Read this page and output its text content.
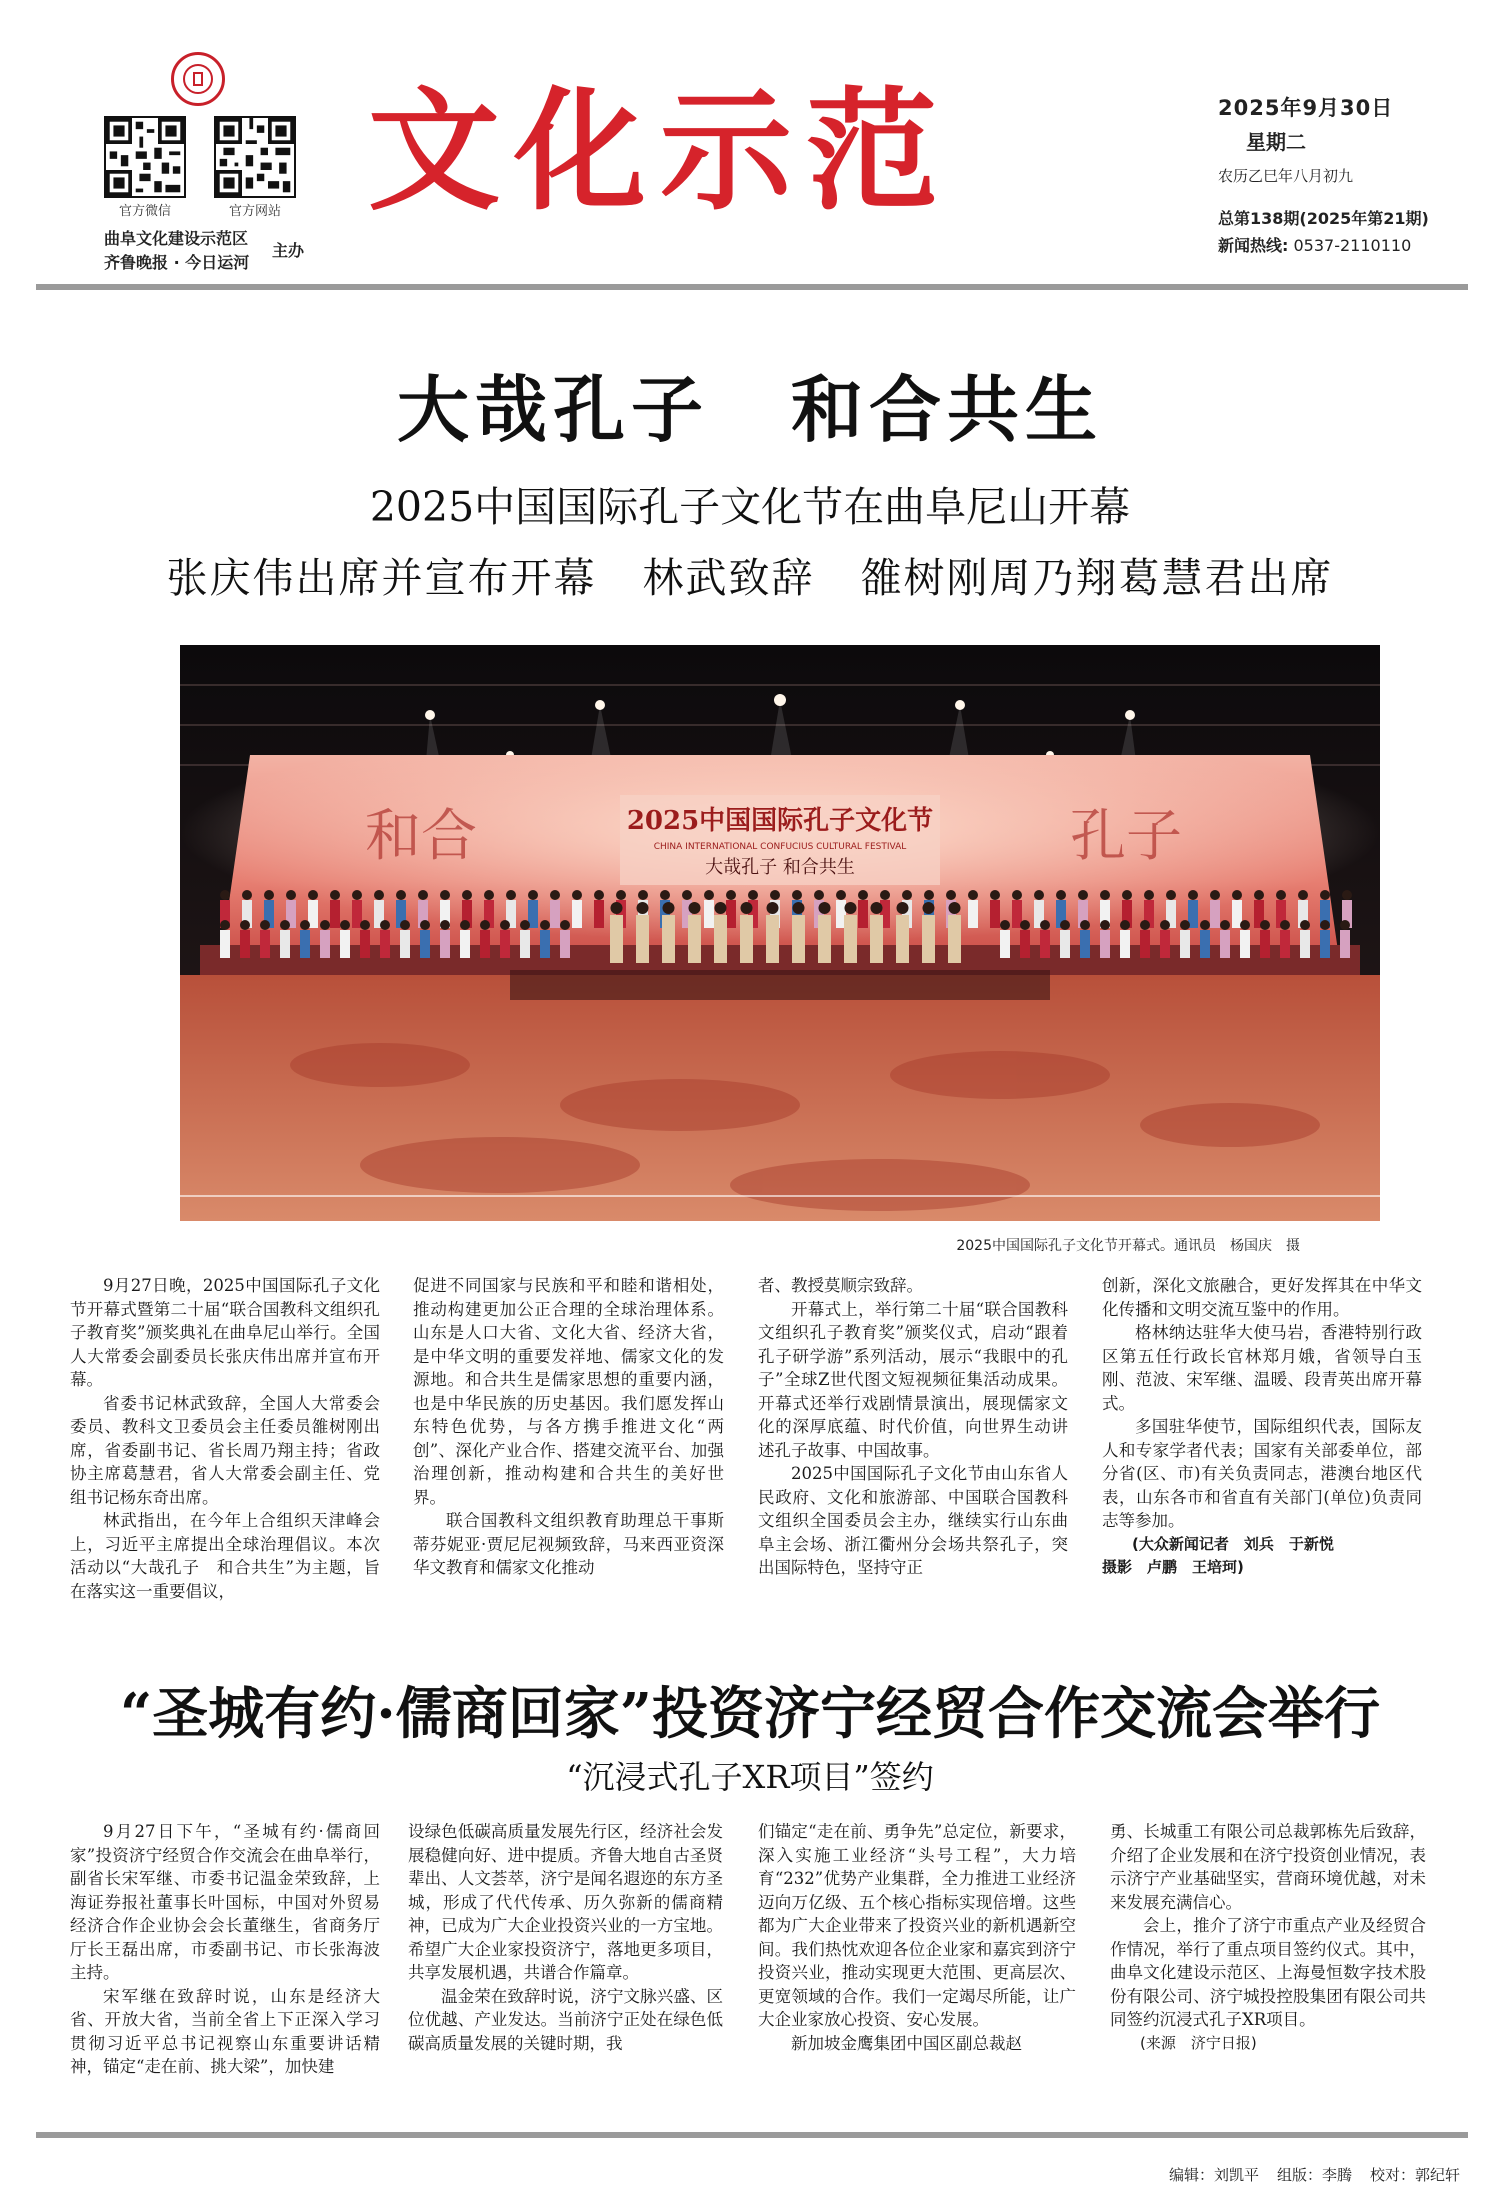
官方微信	官方网站
曲阜文化建设示范区
齐鲁晚报 · 今日运河
主办
文化示范	2025年9月30日
星期二
农历乙巳年八月初九
总第138期(2025年第21期)
新闻热线: 0537-2110110
大哉孔子 和合共生
2025中国国际孔子文化节在曲阜尼山开幕
张庆伟出席并宣布开幕 林武致辞 雒树刚周乃翔葛慧君出席
和合	孔子
2025中国国际孔子文化节
CHINA INTERNATIONAL CONFUCIUS CULTURAL FESTIVAL
大哉孔子 和合共生
2025中国国际孔子文化节开幕式。通讯员　杨国庆　摄

9月27日晚，2025中国国际孔子文化节开幕式暨第二十届“联合国教科文组织孔子教育奖”颁奖典礼在曲阜尼山举行。全国人大常委会副委员长张庆伟出席并宣布开幕。

省委书记林武致辞，全国人大常委会委员、教科文卫委员会主任委员雒树刚出席，省委副书记、省长周乃翔主持；省政协主席葛慧君，省人大常委会副主任、党组书记杨东奇出席。

林武指出，在今年上合组织天津峰会上，习近平主席提出全球治理倡议。本次活动以“大哉孔子　和合共生”为主题，旨在落实这一重要倡议，

促进不同国家与民族和平和睦和谐相处，推动构建更加公正合理的全球治理体系。山东是人口大省、文化大省、经济大省，是中华文明的重要发祥地、儒家文化的发源地。和合共生是儒家思想的重要内涵，也是中华民族的历史基因。我们愿发挥山东特色优势，与各方携手推进文化“两创”、深化产业合作、搭建交流平台、加强治理创新，推动构建和合共生的美好世界。

联合国教科文组织教育助理总干事斯蒂芬妮亚·贾尼尼视频致辞，马来西亚资深华文教育和儒家文化推动

者、教授莫顺宗致辞。

开幕式上，举行第二十届“联合国教科文组织孔子教育奖”颁奖仪式，启动“跟着孔子研学游”系列活动，展示“我眼中的孔子”全球Z世代图文短视频征集活动成果。开幕式还举行戏剧情景演出，展现儒家文化的深厚底蕴、时代价值，向世界生动讲述孔子故事、中国故事。

2025中国国际孔子文化节由山东省人民政府、文化和旅游部、中国联合国教科文组织全国委员会主办，继续实行山东曲阜主会场、浙江衢州分会场共祭孔子，突出国际特色，坚持守正

创新，深化文旅融合，更好发挥其在中华文化传播和文明交流互鉴中的作用。

格林纳达驻华大使马岩，香港特别行政区第五任行政长官林郑月娥，省领导白玉刚、范波、宋军继、温暖、段青英出席开幕式。

多国驻华使节，国际组织代表，国际友人和专家学者代表；国家有关部委单位，部分省(区、市)有关负责同志，港澳台地区代表，山东各市和省直有关部门(单位)负责同志等参加。

(大众新闻记者　刘兵　于新悦
摄影　卢鹏　王培珂)
“圣城有约·儒商回家”投资济宁经贸合作交流会举行
“沉浸式孔子XR项目”签约

9月27日下午，“圣城有约·儒商回家”投资济宁经贸合作交流会在曲阜举行，副省长宋军继、市委书记温金荣致辞，上海证券报社董事长叶国标，中国对外贸易经济合作企业协会会长董继生，省商务厅厅长王磊出席，市委副书记、市长张海波主持。

宋军继在致辞时说，山东是经济大省、开放大省，当前全省上下正深入学习贯彻习近平总书记视察山东重要讲话精神，锚定“走在前、挑大梁”，加快建

设绿色低碳高质量发展先行区，经济社会发展稳健向好、进中提质。齐鲁大地自古圣贤辈出、人文荟萃，济宁是闻名遐迩的东方圣城，形成了代代传承、历久弥新的儒商精神，已成为广大企业投资兴业的一方宝地。希望广大企业家投资济宁，落地更多项目，共享发展机遇，共谱合作篇章。

温金荣在致辞时说，济宁文脉兴盛、区位优越、产业发达。当前济宁正处在绿色低碳高质量发展的关键时期，我

们锚定“走在前、勇争先”总定位，新要求，深入实施工业经济“头号工程”，大力培育“232”优势产业集群，全力推进工业经济迈向万亿级、五个核心指标实现倍增。这些都为广大企业带来了投资兴业的新机遇新空间。我们热忱欢迎各位企业家和嘉宾到济宁投资兴业，推动实现更大范围、更高层次、更宽领域的合作。我们一定竭尽所能，让广大企业家放心投资、安心发展。

新加坡金鹰集团中国区副总裁赵

勇、长城重工有限公司总裁郭栋先后致辞，介绍了企业发展和在济宁投资创业情况，表示济宁产业基础坚实，营商环境优越，对未来发展充满信心。

会上，推介了济宁市重点产业及经贸合作情况，举行了重点项目签约仪式。其中，曲阜文化建设示范区、上海曼恒数字技术股份有限公司、济宁城投控股集团有限公司共同签约沉浸式孔子XR项目。

(来源　济宁日报)
编辑：刘凯平 组版：李腾 校对：郭纪轩
